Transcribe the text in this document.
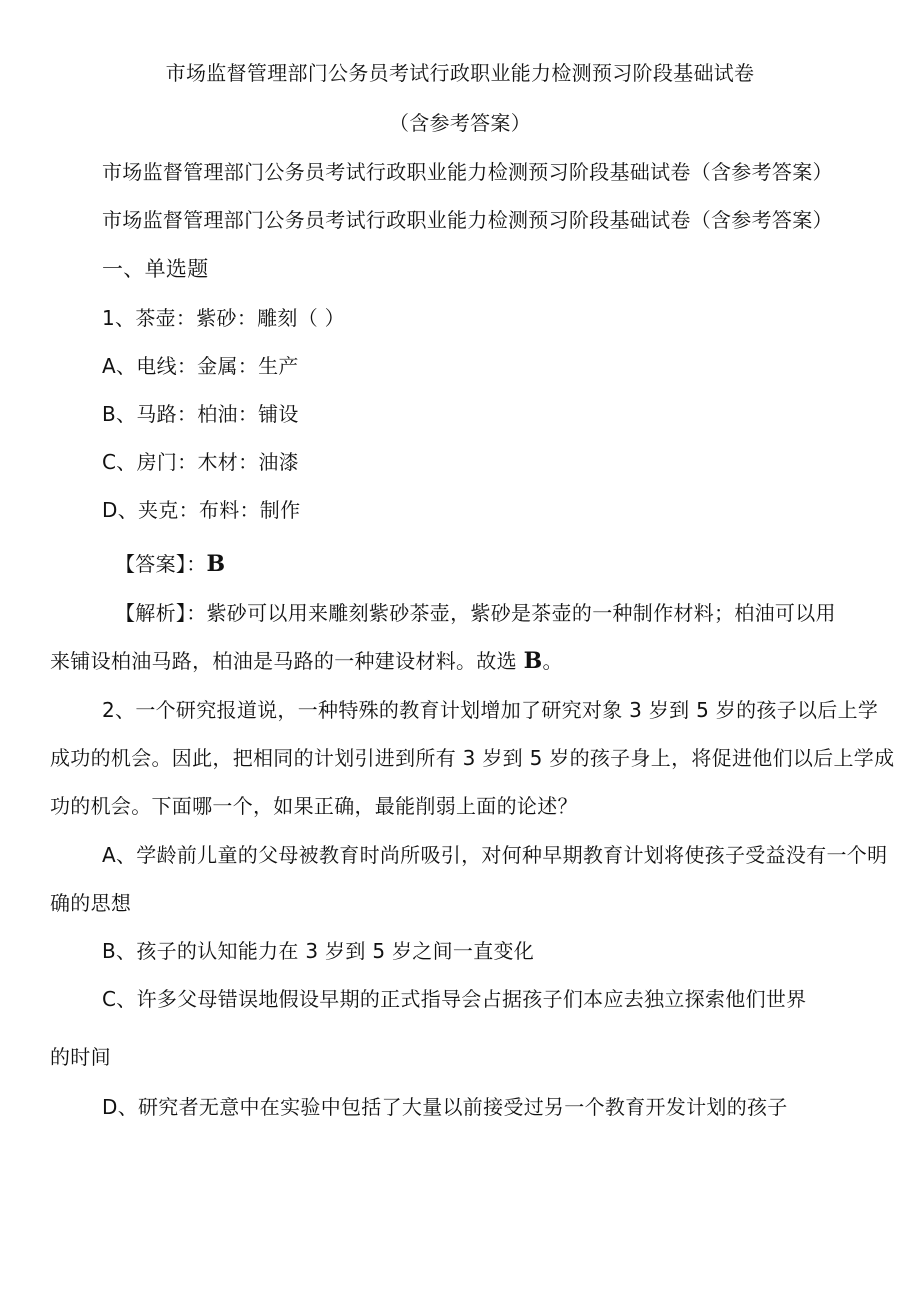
市场监督管理部门公务员考试行政职业能力检测预习阶段基础试卷
（含参考答案）
市场监督管理部门公务员考试行政职业能力检测预习阶段基础试卷（含参考答案）
市场监督管理部门公务员考试行政职业能力检测预习阶段基础试卷（含参考答案）
一、单选题
1、茶壶：紫砂：雕刻（ ）
A、电线：金属：生产
B、马路：柏油：铺设
C、房门：木材：油漆
D、夹克：布料：制作
【答案】：B
【解析】：紫砂可以用来雕刻紫砂茶壶，紫砂是茶壶的一种制作材料；柏油可以用
来铺设柏油马路，柏油是马路的一种建设材料。故选 B。
2、一个研究报道说，一种特殊的教育计划增加了研究对象 3 岁到 5 岁的孩子以后上学
成功的机会。因此，把相同的计划引进到所有 3 岁到 5 岁的孩子身上，将促进他们以后上学成
功的机会。下面哪一个，如果正确，最能削弱上面的论述？
A、学龄前儿童的父母被教育时尚所吸引，对何种早期教育计划将使孩子受益没有一个明
确的思想
B、孩子的认知能力在 3 岁到 5 岁之间一直变化
C、许多父母错误地假设早期的正式指导会占据孩子们本应去独立探索他们世界
的时间
D、研究者无意中在实验中包括了大量以前接受过另一个教育开发计划的孩子
